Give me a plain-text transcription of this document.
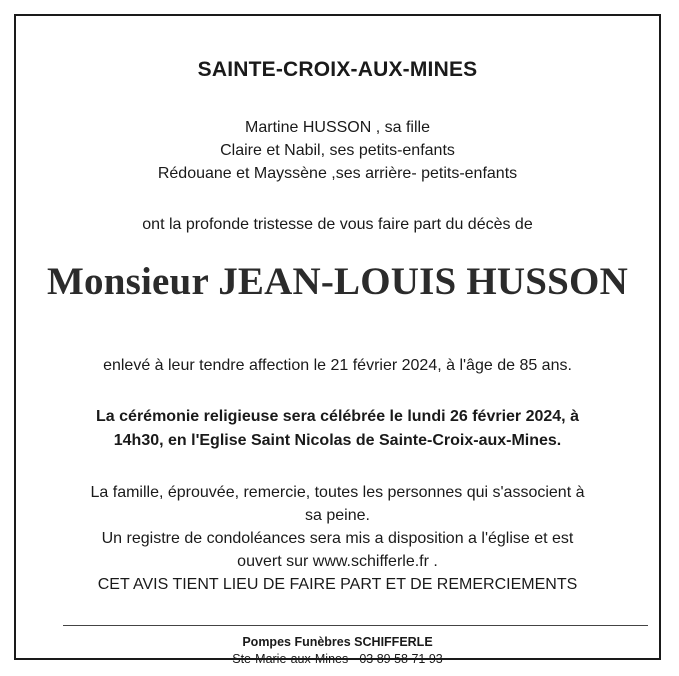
SAINTE-CROIX-AUX-MINES
Martine HUSSON , sa fille
Claire et Nabil, ses petits-enfants
Rédouane et Mayssène ,ses arrière- petits-enfants
ont la profonde tristesse de vous faire part du décès de
Monsieur JEAN-LOUIS HUSSON
enlevé à leur tendre affection le 21 février 2024, à l'âge de 85 ans.
La cérémonie religieuse sera célébrée le lundi 26 février 2024, à
14h30, en l'Eglise Saint Nicolas de Sainte-Croix-aux-Mines.
La famille, éprouvée, remercie, toutes les personnes qui s'associent à
sa peine.
Un registre de condoléances sera mis a disposition a l'église et est
ouvert sur www.schifferle.fr .
CET AVIS TIENT LIEU DE FAIRE PART ET DE REMERCIEMENTS
Pompes Funèbres SCHIFFERLE
Ste-Marie-aux-Mines - 03 89 58 71 93
